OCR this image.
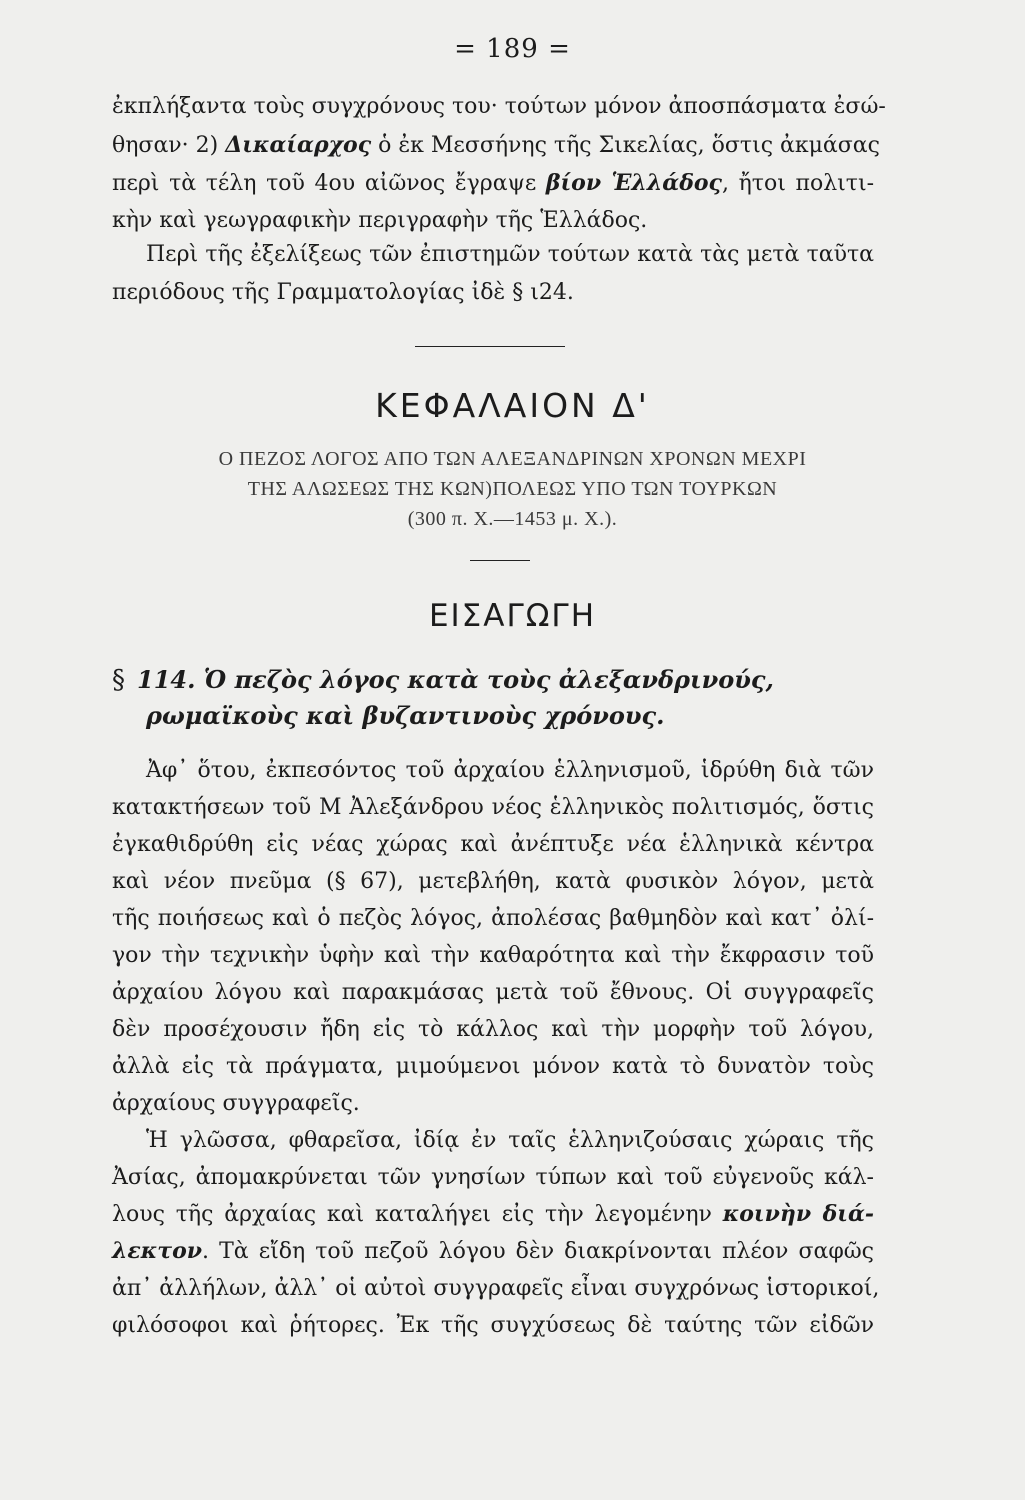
= 189 =
ἐκπλήξαντα τοὺς συγχρόνους του· τούτων μόνον ἀποσπάσματα ἐσώ-
θησαν· 2) Δικαίαρχος ὁ ἐκ Μεσσήνης τῆς Σικελίας, ὅστις ἀκμάσας
περὶ τὰ τέλη τοῦ 4ου αἰῶνος ἔγραψε βίον Ἑλλάδος, ἤτοι πολιτι-
κὴν καὶ γεωγραφικὴν περιγραφὴν τῆς Ἑλλάδος.
Περὶ τῆς ἐξελίξεως τῶν ἐπιστημῶν τούτων κατὰ τὰς μετὰ ταῦτα
περιόδους τῆς Γραμματολογίας ἰδὲ § ι24.
ΚΕΦΑΛΑΙΟΝ Δ'
Ο ΠΕΖΟΣ ΛΟΓΟΣ ΑΠΟ ΤΩΝ ΑΛΕΞΑΝΔΡΙΝΩΝ ΧΡΟΝΩΝ ΜΕΧΡΙ
ΤΗΣ ΑΛΩΣΕΩΣ ΤΗΣ ΚΩΝ)ΠΟΛΕΩΣ ΥΠΟ ΤΩΝ ΤΟΥΡΚΩΝ
(300 π. Χ.—1453 μ. Χ.).
ΕΙΣΑΓΩΓΗ
§ 114. Ὁ πεζὸς λόγος κατὰ τοὺς ἀλεξανδρινούς,
ρωμαϊκοὺς καὶ βυζαντινοὺς χρόνους.
Ἀφ᾿ ὅτου, ἐκπεσόντος τοῦ ἀρχαίου ἑλληνισμοῦ, ἱδρύθη διὰ τῶν
κατακτήσεων τοῦ Μ Ἀλεξάνδρου νέος ἑλληνικὸς πολιτισμός, ὅστις
ἐγκαθιδρύθη εἰς νέας χώρας καὶ ἀνέπτυξε νέα ἑλληνικὰ κέντρα
καὶ νέον πνεῦμα (§ 67), μετεβλήθη, κατὰ φυσικὸν λόγον, μετὰ
τῆς ποιήσεως καὶ ὁ πεζὸς λόγος, ἀπολέσας βαθμηδὸν καὶ κατ᾿ ὀλί-
γον τὴν τεχνικὴν ὑφὴν καὶ τὴν καθαρότητα καὶ τὴν ἔκφρασιν τοῦ
ἀρχαίου λόγου καὶ παρακμάσας μετὰ τοῦ ἔθνους. Οἱ συγγραφεῖς
δὲν προσέχουσιν ἤδη εἰς τὸ κάλλος καὶ τὴν μορφὴν τοῦ λόγου,
ἀλλὰ εἰς τὰ πράγματα, μιμούμενοι μόνον κατὰ τὸ δυνατὸν τοὺς
ἀρχαίους συγγραφεῖς.
Ἡ γλῶσσα, φθαρεῖσα, ἰδίᾳ ἐν ταῖς ἑλληνιζούσαις χώραις τῆς
Ἀσίας, ἀπομακρύνεται τῶν γνησίων τύπων καὶ τοῦ εὐγενοῦς κάλ-
λους τῆς ἀρχαίας καὶ καταλήγει εἰς τὴν λεγομένην κοινὴν διά-
λεκτον. Τὰ εἴδη τοῦ πεζοῦ λόγου δὲν διακρίνονται πλέον σαφῶς
ἀπ᾿ ἀλλήλων, ἀλλ᾿ οἱ αὐτοὶ συγγραφεῖς εἶναι συγχρόνως ἱστορικοί,
φιλόσοφοι καὶ ῥήτορες. Ἐκ τῆς συγχύσεως δὲ ταύτης τῶν εἰδῶν
